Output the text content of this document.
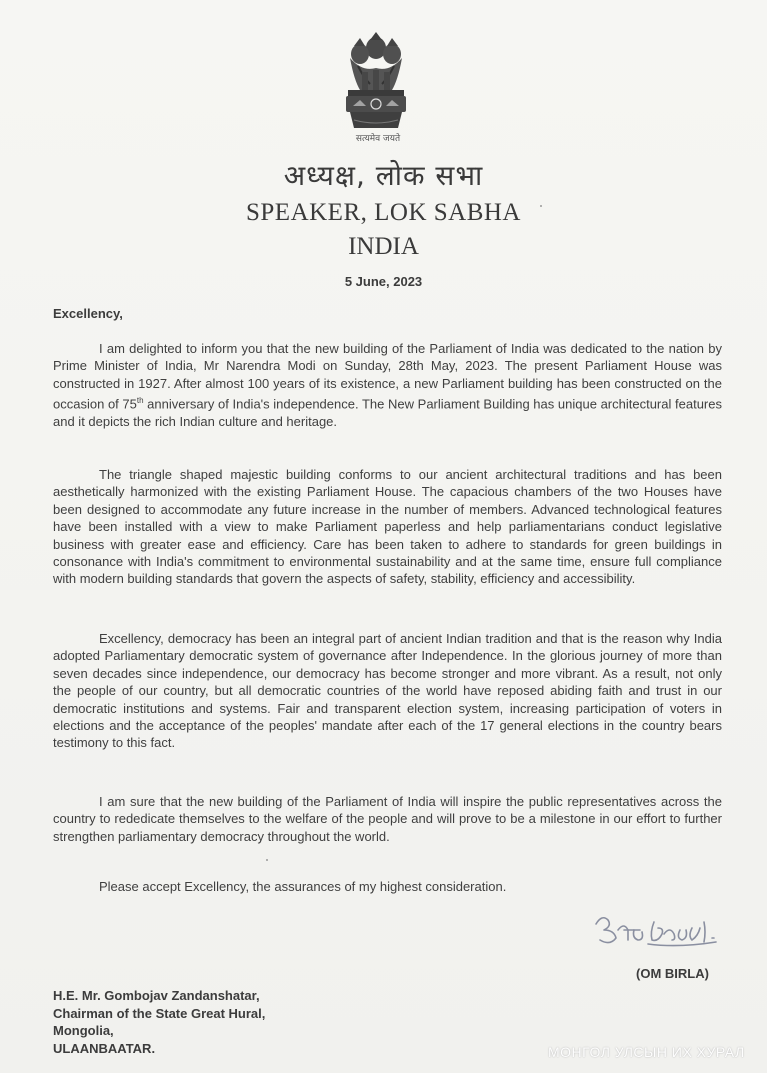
सत्यमेव जयते
अध्यक्ष, लोक सभा
SPEAKER, LOK SABHA
INDIA
5 June, 2023
Excellency,
I am delighted to inform you that the new building of the Parliament of India was dedicated to the nation by Prime Minister of India, Mr Narendra Modi on Sunday, 28th May, 2023. The present Parliament House was constructed in 1927. After almost 100 years of its existence, a new Parliament building has been constructed on the occasion of 75th anniversary of India's independence. The New Parliament Building has unique architectural features and it depicts the rich Indian culture and heritage.
The triangle shaped majestic building conforms to our ancient architectural traditions and has been aesthetically harmonized with the existing Parliament House. The capacious chambers of the two Houses have been designed to accommodate any future increase in the number of members. Advanced technological features have been installed with a view to make Parliament paperless and help parliamentarians conduct legislative business with greater ease and efficiency. Care has been taken to adhere to standards for green buildings in consonance with India's commitment to environmental sustainability and at the same time, ensure full compliance with modern building standards that govern the aspects of safety, stability, efficiency and accessibility.
Excellency, democracy has been an integral part of ancient Indian tradition and that is the reason why India adopted Parliamentary democratic system of governance after Independence. In the glorious journey of more than seven decades since independence, our democracy has become stronger and more vibrant. As a result, not only the people of our country, but all democratic countries of the world have reposed abiding faith and trust in our democratic institutions and systems. Fair and transparent election system, increasing participation of voters in elections and the acceptance of the peoples' mandate after each of the 17 general elections in the country bears testimony to this fact.
I am sure that the new building of the Parliament of India will inspire the public representatives across the country to rededicate themselves to the welfare of the people and will prove to be a milestone in our effort to further strengthen parliamentary democracy throughout the world.
Please accept Excellency, the assurances of my highest consideration.
(OM BIRLA)
H.E. Mr. Gombojav Zandanshatar,
Chairman of the State Great Hural,
Mongolia,
ULAANBAATAR.	МОНГОЛ УЛСЫН ИХ ХУРАЛ
